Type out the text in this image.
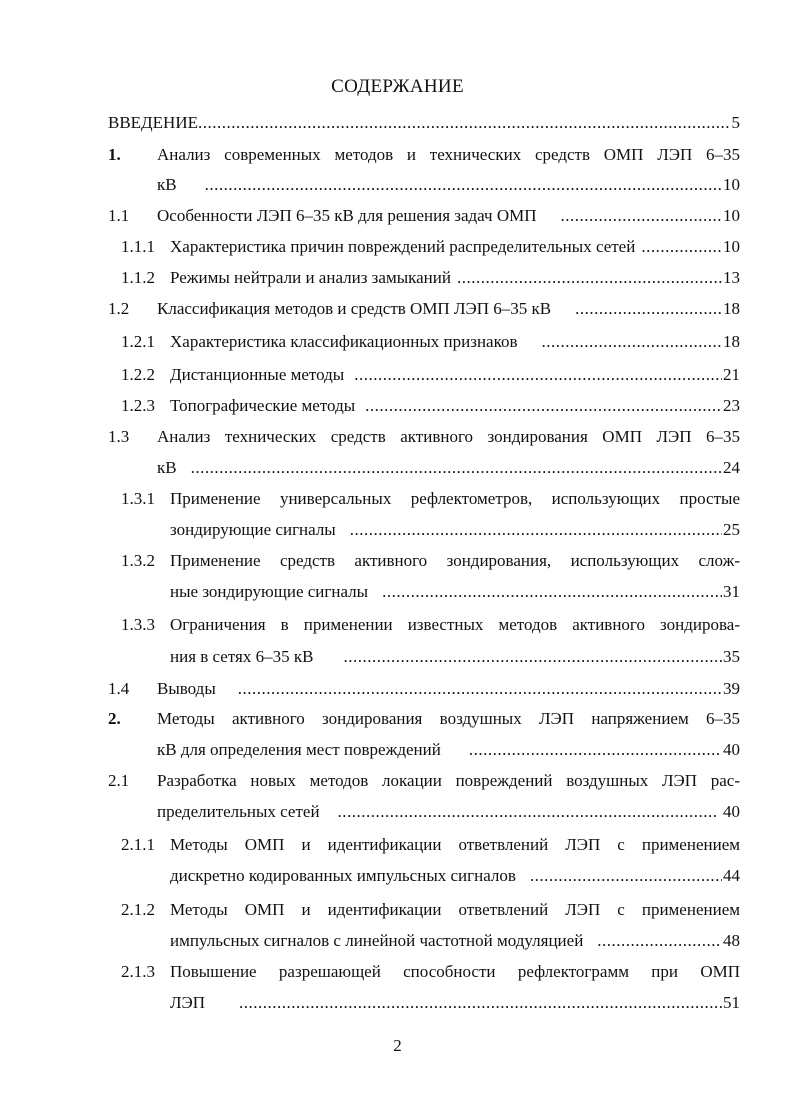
СОДЕРЖАНИЕ
ВВЕДЕНИЕ .....	5
1. Анализ современных методов и технических средств ОМП ЛЭП 6–35
кВ .....	10
1.1 Особенности ЛЭП 6–35 кВ для решения задач ОМП .....	10
1.1.1 Характеристика причин повреждений распределительных сетей .....	10
1.1.2 Режимы нейтрали и анализ замыканий .....	13
1.2 Классификация методов и средств ОМП ЛЭП 6–35 кВ .....	18
1.2.1 Характеристика классификационных признаков .....	18
1.2.2 Дистанционные методы .....	21
1.2.3 Топографические методы .....	23
1.3 Анализ технических средств активного зондирования ОМП ЛЭП 6–35
кВ .....	24
1.3.1 Применение универсальных рефлектометров, использующих простые
зондирующие сигналы .....	25
1.3.2 Применение средств активного зондирования, использующих слож-
ные зондирующие сигналы .....	31
1.3.3 Ограничения в применении известных методов активного зондирова-
ния в сетях 6–35 кВ .....	35
1.4 Выводы .....	39
2. Методы активного зондирования воздушных ЛЭП напряжением 6–35
кВ для определения мест повреждений .....	40
2.1 Разработка новых методов локации повреждений воздушных ЛЭП рас-
пределительных сетей .....	40
2.1.1 Методы ОМП и идентификации ответвлений ЛЭП с применением
дискретно кодированных импульсных сигналов .....	44
2.1.2 Методы ОМП и идентификации ответвлений ЛЭП с применением
импульсных сигналов с линейной частотной модуляцией .....	48
2.1.3 Повышение разрешающей способности рефлектограмм при ОМП
ЛЭП .....	51
2
